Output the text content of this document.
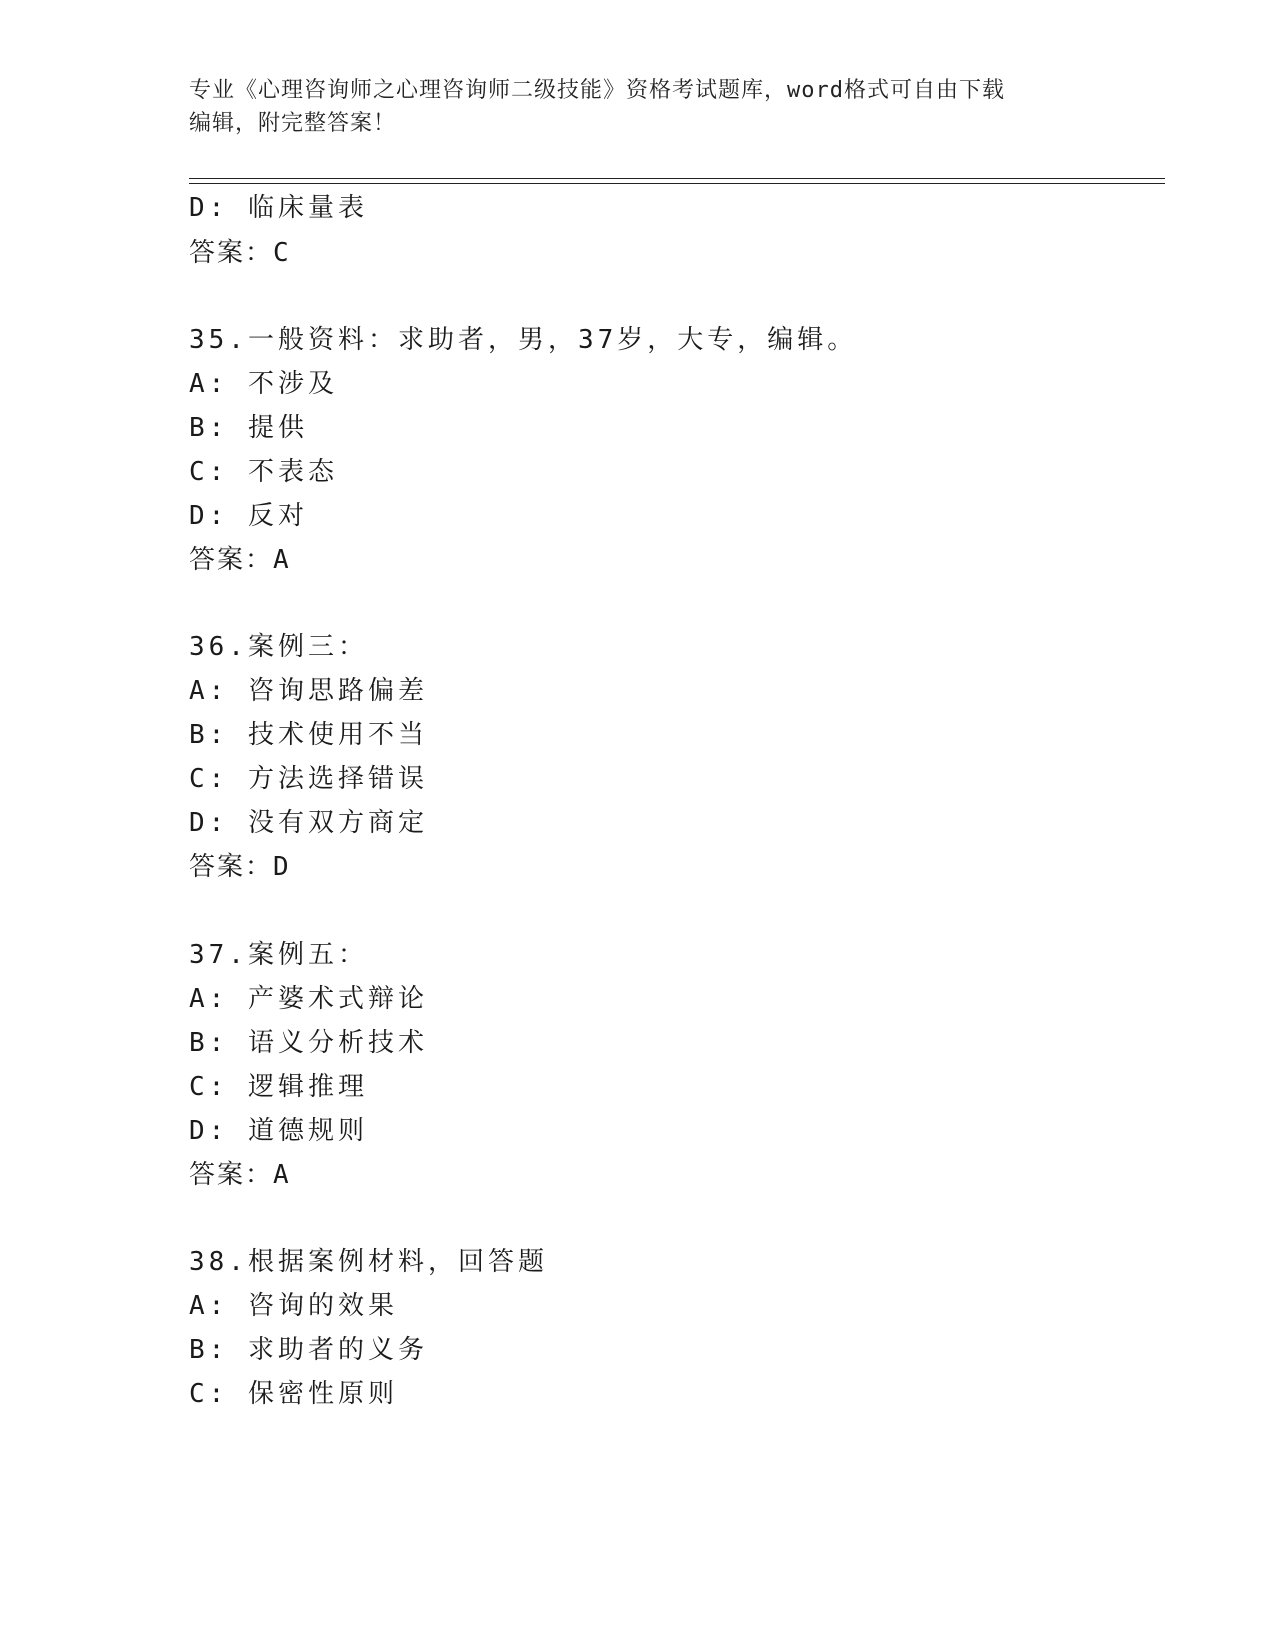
专业《心理咨询师之心理咨询师二级技能》资格考试题库，word格式可自由下载
编辑，附完整答案！
D: 临床量表
答案：C
35.一般资料：求助者，男，37岁，大专，编辑。
A: 不涉及
B: 提供
C: 不表态
D: 反对
答案：A
36.案例三：
A: 咨询思路偏差
B: 技术使用不当
C: 方法选择错误
D: 没有双方商定
答案：D
37.案例五：
A: 产婆术式辩论
B: 语义分析技术
C: 逻辑推理
D: 道德规则
答案：A
38.根据案例材料，回答题
A: 咨询的效果
B: 求助者的义务
C: 保密性原则
